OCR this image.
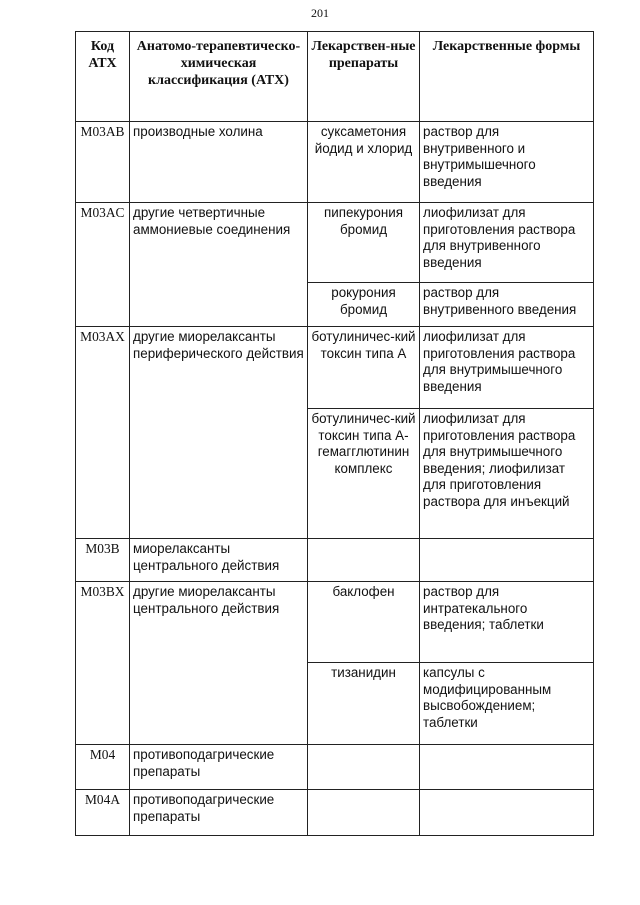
201
Код АТХ	Анатомо-терапевтическо-химическая классификация (АТХ)	Лекарствен-ные препараты	Лекарственные формы
M03AB	производные холина	суксаметония йодид и хлорид	раствор для внутривенного и внутримышечного введения
M03AC	другие четвертичные аммониевые соединения	пипекурония бромид	лиофилизат для приготовления раствора для внутривенного введения
		рокурония бромид	раствор для внутривенного введения
M03AX	другие миорелаксанты периферического действия	ботулиничес-кий токсин типа А	лиофилизат для приготовления раствора для внутримышечного введения
		ботулиничес-кий токсин типа А-гемагглютинин комплекс	лиофилизат для приготовления раствора для внутримышечного введения; лиофилизат для приготовления раствора для инъекций
M03B	миорелаксанты центрального действия		
M03BX	другие миорелаксанты центрального действия	баклофен	раствор для интратекального введения; таблетки
		тизанидин	капсулы с модифицированным высвобождением; таблетки
M04	противоподагрические препараты		
M04A	противоподагрические препараты		
